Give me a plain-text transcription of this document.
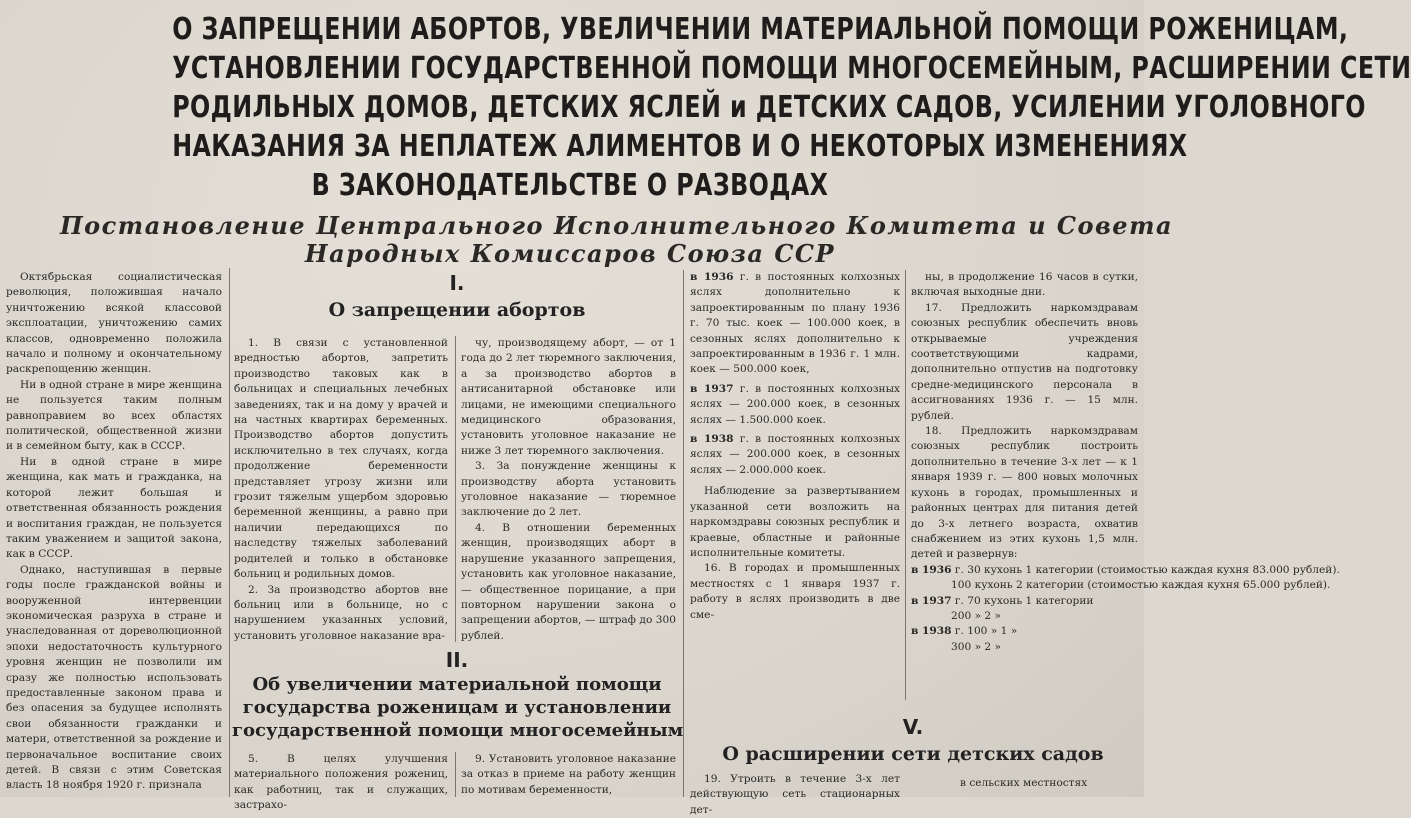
О ЗАПРЕЩЕНИИ АБОРТОВ, УВЕЛИЧЕНИИ МАТЕРИАЛЬНОЙ ПОМОЩИ РОЖЕНИЦАМ,
УСТАНОВЛЕНИИ ГОСУДАРСТВЕННОЙ ПОМОЩИ МНОГОСЕМЕЙНЫМ, РАСШИРЕНИИ СЕТИ
РОДИЛЬНЫХ ДОМОВ, ДЕТСКИХ ЯСЛЕЙ и ДЕТСКИХ САДОВ, УСИЛЕНИИ УГОЛОВНОГО
НАКАЗАНИЯ ЗА НЕПЛАТЕЖ АЛИМЕНТОВ И О НЕКОТОРЫХ ИЗМЕНЕНИЯХ
В ЗАКОНОДАТЕЛЬСТВЕ О РАЗВОДАХ
Постановление Центрального Исполнительного Комитета и Совета
Народных Комиссаров Союза ССР

Октябрьская социалистическая революция, положившая начало уничтожению всякой классовой эксплоатации, уничтожению самих классов, одновременно положила начало и полному и окончательному раскрепощению женщин.

Ни в одной стране в мире женщина не пользуется таким полным равноправием во всех областях политической, общественной жизни и в семейном быту, как в СССР.

Ни в одной стране в мире женщина, как мать и гражданка, на которой лежит большая и ответственная обязанность рождения и воспитания граждан, не пользуется таким уважением и защитой закона, как в СССР.

Однако, наступившая в первые годы после гражданской войны и вооруженной интервенции экономическая разруха в стране и унаследованная от дореволюционной эпохи недостаточность культурного уровня женщин не позволили им сразу же полностью использовать предоставленные законом права и без опасения за будущее исполнять свои обязанности гражданки и матери, ответственной за рождение и первоначальное воспитание своих детей. В связи с этим Советская власть 18 ноября 1920 г. признала

I.
О запрещении абортов

1. В связи с установленной вредностью абортов, запретить производство таковых как в больницах и специальных лечебных заведениях, так и на дому у врачей и на частных квартирах беременных. Производство абортов допустить исключительно в тех случаях, когда продолжение беременности представляет угрозу жизни или грозит тяжелым ущербом здоровью беременной женщины, а равно при наличии передающихся по наследству тяжелых заболеваний родителей и только в обстановке больниц и родильных домов.

2. За производство абортов вне больниц или в больнице, но с нарушением указанных условий, установить уголовное наказание вра-

чу, производящему аборт, — от 1 года до 2 лет тюремного заключения, а за производство абортов в антисанитарной обстановке или лицами, не имеющими специального медицинского образования, установить уголовное наказание не ниже 3 лет тюремного заключения.

3. За понуждение женщины к производству аборта установить уголовное наказание — тюремное заключение до 2 лет.

4. В отношении беременных женщин, производящих аборт в нарушение указанного запрещения, установить как уголовное наказание,— общественное порицание, а при повторном нарушении закона о запрещении абортов, — штраф до 300 рублей.

II.
Об увеличении материальной помощи
государства роженицам и установлении
государственной помощи многосемейным

5. В целях улучшения материального положения рожениц, как работниц, так и служащих, застрахо-

9. Установить уголовное наказание за отказ в приеме на работу женщин по мотивам беременности,

в 1936 г. в постоянных колхозных яслях дополнительно к запроектированным по плану 1936 г. 70 тыс. коек — 100.000 коек, в сезонных яслях дополнительно к запроектированным в 1936 г. 1 млн. коек — 500.000 коек,

в 1937 г. в постоянных колхозных яслях — 200.000 коек, в сезонных яслях — 1.500.000 коек.

в 1938 г. в постоянных колхозных яслях — 200.000 коек, в сезонных яслях — 2.000.000 коек.

Наблюдение за развертыванием указанной сети возложить на наркомздравы союзных республик и краевые, областные и районные исполнительные комитеты.

16. В городах и промышленных местностях с 1 января 1937 г. работу в яслях производить в две сме-

ны, в продолжение 16 часов в сутки, включая выходные дни.

17. Предложить наркомздравам союзных республик обеспечить вновь открываемые учреждения соответствующими кадрами, дополнительно отпустив на подготовку средне-медицинского персонала в ассигнованиях 1936 г. — 15 млн. рублей.

18. Предложить наркомздравам союзных республик построить дополнительно в течение 3-х лет — к 1 января 1939 г. — 800 новых молочных кухонь в городах, промышленных и районных центрах для питания детей до 3-х летнего возраста, охватив снабжением из этих кухонь 1,5 млн. детей и развернув:

в 1936 г. 30 кухонь 1 категории (стоимостью каждая кухня 83.000 рублей).
100 кухонь 2 категории (стоимостью каждая кухня 65.000 рублей).
в 1937 г. 70 кухонь 1 категории
200 » 2 »
в 1938 г. 100 » 1 »
300 » 2 »
V.
О расширении сети детских садов

19. Утроить в течение 3-х лет действующую сеть стационарных дет-

в сельских местностях
